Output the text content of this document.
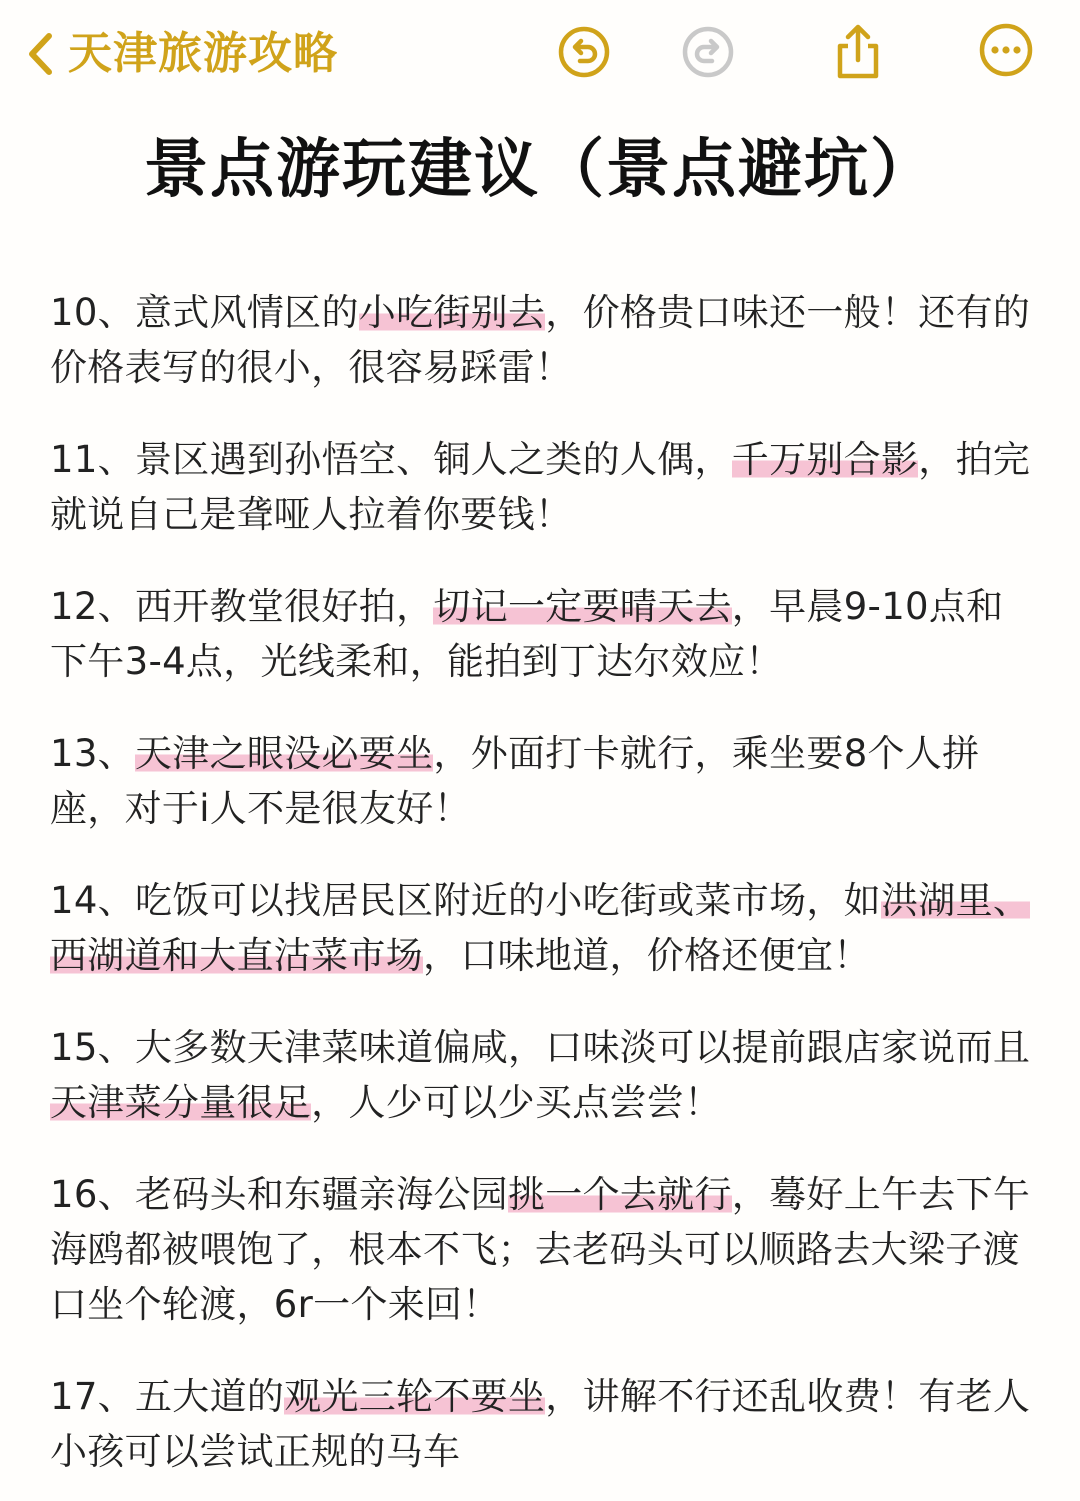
天津旅游攻略
景点游玩建议（景点避坑）

10、意式风情区的小吃街别去，价格贵口味还一般！还有的价格表写的很小，很容易踩雷！

11、景区遇到孙悟空、铜人之类的人偶，千万别合影，拍完就说自己是聋哑人拉着你要钱！

12、西开教堂很好拍，切记一定要晴天去，早晨9-10点和下午3-4点，光线柔和，能拍到丁达尔效应！

13、天津之眼没必要坐，外面打卡就行，乘坐要8个人拼座，对于i人不是很友好！

14、吃饭可以找居民区附近的小吃街或菜市场，如洪湖里、西湖道和大直沽菜市场，口味地道，价格还便宜！

15、大多数天津菜味道偏咸，口味淡可以提前跟店家说而且天津菜分量很足，人少可以少买点尝尝！

16、老码头和东疆亲海公园挑一个去就行，蓦好上午去下午海鸥都被喂饱了，根本不飞；去老码头可以顺路去大梁子渡口坐个轮渡，6r一个来回！

17、五大道的观光三轮不要坐，讲解不行还乱收费！有老人小孩可以尝试正规的马车
